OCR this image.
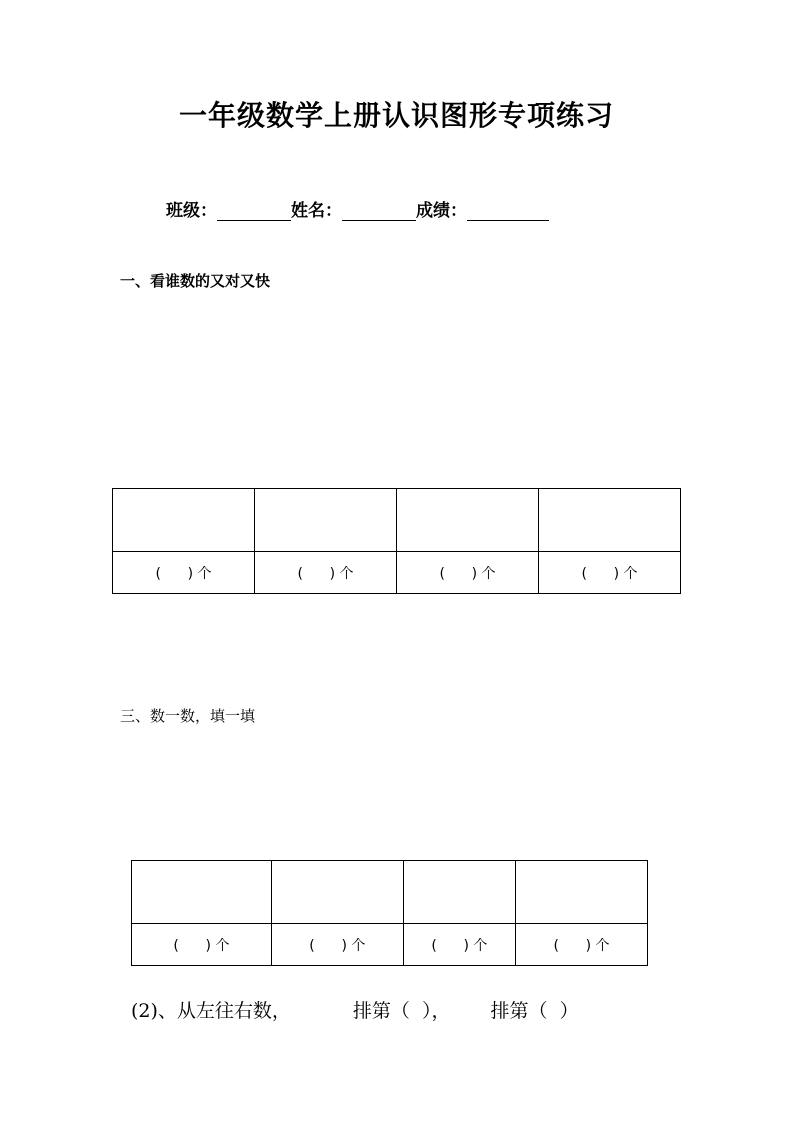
一年级数学上册认识图形专项练习
班级：	姓名：	成绩：
一、看谁数的又对又快

(      ) 个	(      ) 个	(      ) 个	(      ) 个
三、数一数，填一填

(      ) 个	(      ) 个	(      ) 个	(      ) 个
(2)、从左往右数，	排第（  ）， 排第（  ）
